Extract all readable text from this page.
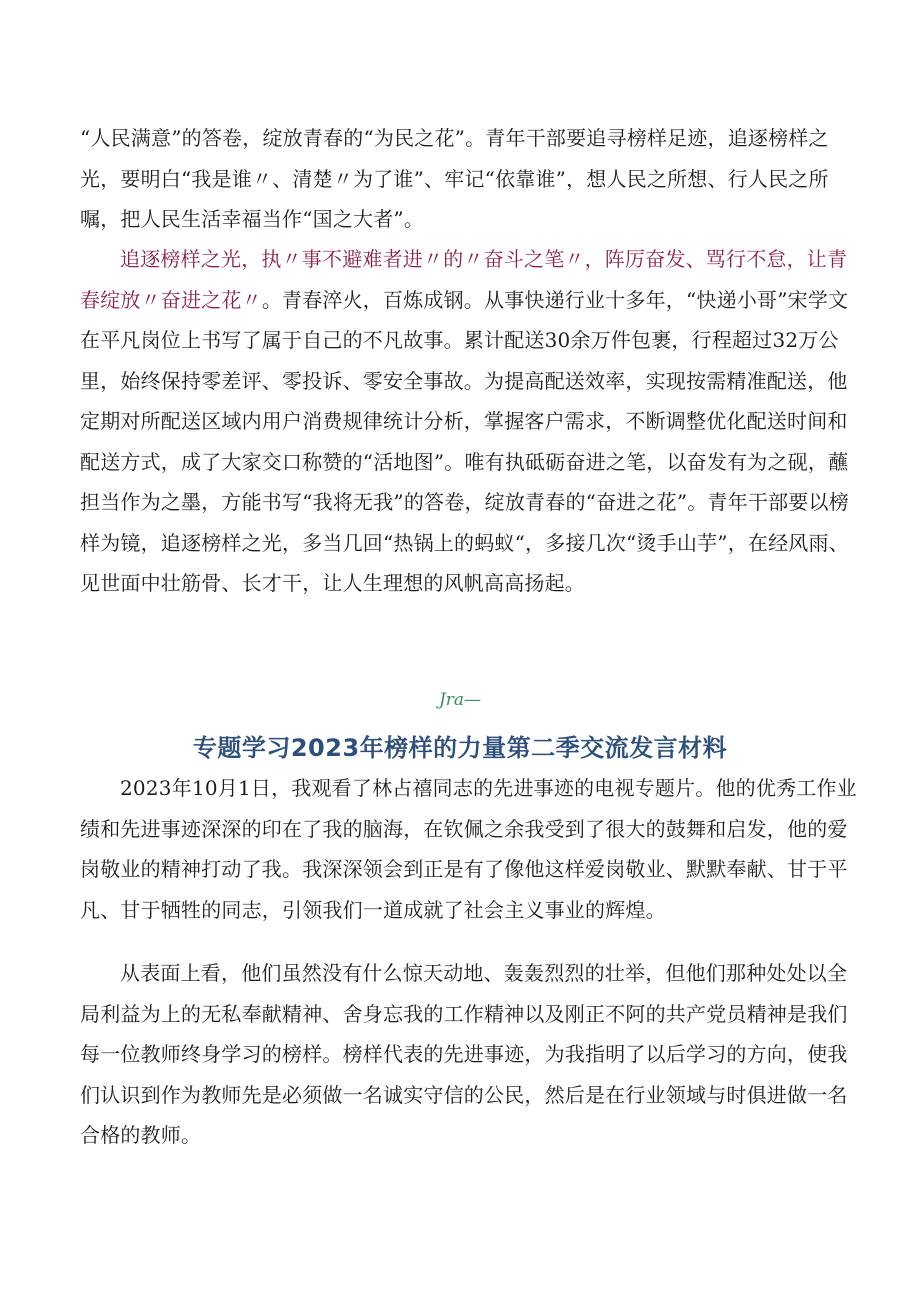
“人民满意”的答卷，绽放青春的“为民之花”。青年干部要追寻榜样足迹，追逐榜样之光，要明白“我是谁〃、清楚〃为了谁”、牢记“依靠谁”，想人民之所想、行人民之所嘱，把人民生活幸福当作“国之大者”。

追逐榜样之光，执〃事不避难者进〃的〃奋斗之笔〃，阵厉奋发、骂行不怠，让青春绽放〃奋进之花〃。青春淬火，百炼成钢。从事快递行业十多年，“快递小哥”宋学文在平凡岗位上书写了属于自己的不凡故事。累计配送30余万件包裹，行程超过32万公里，始终保持零差评、零投诉、零安全事故。为提高配送效率，实现按需精准配送，他定期对所配送区域内用户消费规律统计分析，掌握客户需求，不断调整优化配送时间和配送方式，成了大家交口称赞的“活地图”。唯有执砥砺奋进之笔，以奋发有为之砚，蘸担当作为之墨，方能书写“我将无我”的答卷，绽放青春的“奋进之花”。青年干部要以榜样为镜，追逐榜样之光，多当几回“热锅上的蚂蚁“，多接几次“烫手山芋”，在经风雨、见世面中壮筋骨、长才干，让人生理想的风帆高高扬起。

Jra—

专题学习2023年榜样的力量第二季交流发言材料

2023年10月1日，我观看了林占禧同志的先进事迹的电视专题片。他的优秀工作业绩和先进事迹深深的印在了我的脑海，在钦佩之余我受到了很大的鼓舞和启发，他的爱岗敬业的精神打动了我。我深深领会到正是有了像他这样爱岗敬业、默默奉献、甘于平凡、甘于牺牲的同志，引领我们一道成就了社会主义事业的辉煌。

从表面上看，他们虽然没有什么惊天动地、轰轰烈烈的壮举，但他们那种处处以全局利益为上的无私奉献精神、舍身忘我的工作精神以及刚正不阿的共产党员精神是我们每一位教师终身学习的榜样。榜样代表的先进事迹，为我指明了以后学习的方向，使我们认识到作为教师先是必须做一名诚实守信的公民，然后是在行业领域与时俱进做一名合格的教师。
